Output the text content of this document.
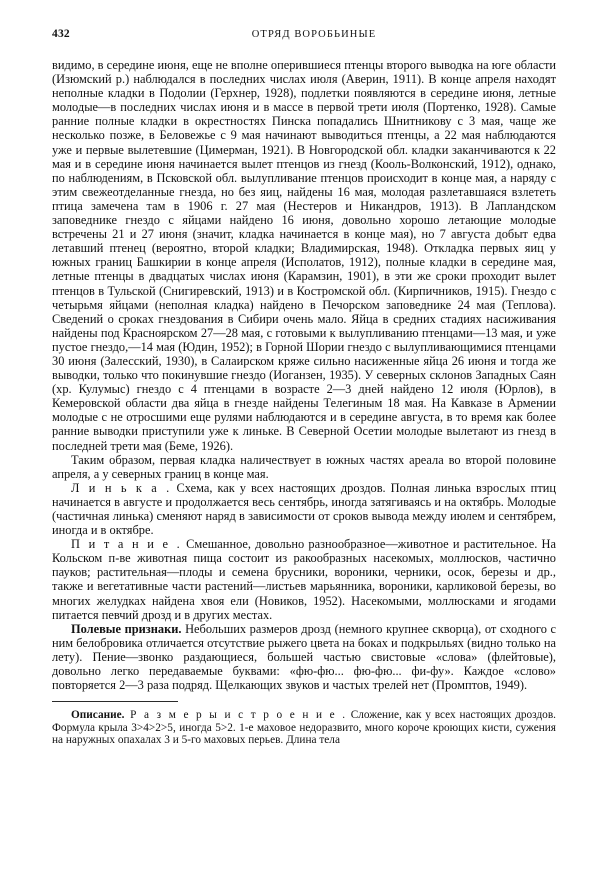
432	ОТРЯД ВОРОБЬИНЫЕ

видимо, в середине июня, еще не вполне оперившиеся птенцы второго выводка на юге области (Изюмский р.) наблюдался в последних числах июля (Аверин, 1911). В конце апреля находят неполные кладки в Подолии (Герхнер, 1928), подлетки появляются в середине июня, летные молодые—в последних числах июня и в массе в первой трети июля (Портенко, 1928). Самые ранние полные кладки в окрестностях Пинска попадались Шнитникову с 3 мая, чаще же несколько позже, в Беловежье с 9 мая начинают выводиться птенцы, а 22 мая наблюдаются уже и первые вылетевшие (Цимерман, 1921). В Новгородской обл. кладки заканчиваются к 22 мая и в середине июня начинается вылет птенцов из гнезд (Кооль-Волконский, 1912), однако, по наблюдениям, в Псковской обл. вылупливание птенцов происходит в конце мая, а наряду с этим свежеотделанные гнезда, но без яиц, найдены 16 мая, молодая разлетавшаяся взлететь птица замечена там в 1906 г. 27 мая (Нестеров и Никандров, 1913). В Лапландском заповеднике гнездо с яйцами найдено 16 июня, довольно хорошо летающие молодые встречены 21 и 27 июня (значит, кладка начинается в конце мая), но 7 августа добыт едва летавший птенец (вероятно, второй кладки; Владимирская, 1948). Откладка первых яиц у южных границ Башкирии в конце апреля (Исполатов, 1912), полные кладки в середине мая, летные птенцы в двадцатых числах июня (Карамзин, 1901), в эти же сроки проходит вылет птенцов в Тульской (Снигиревский, 1913) и в Костромской обл. (Кирпичников, 1915). Гнездо с четырьмя яйцами (неполная кладка) найдено в Печорском заповеднике 24 мая (Теплова). Сведений о сроках гнездования в Сибири очень мало. Яйца в средних стадиях насиживания найдены под Красноярском 27—28 мая, с готовыми к вылупливанию птенцами—13 мая, и уже пустое гнездо,—14 мая (Юдин, 1952); в Горной Шории гнездо с вылупливающимися птенцами 30 июня (Залесский, 1930), в Салаирском кряже сильно насиженные яйца 26 июня и тогда же выводки, только что покинувшие гнездо (Иоганзен, 1935). У северных склонов Западных Саян (хр. Кулумыс) гнездо с 4 птенцами в возрасте 2—3 дней найдено 12 июля (Юрлов), в Кемеровской области два яйца в гнезде найдены Телегиным 18 мая. На Кавказе в Армении молодые с не отросшими еще рулями наблюдаются и в середине августа, в то время как более ранние выводки приступили уже к линьке. В Северной Осетии молодые вылетают из гнезд в последней трети мая (Беме, 1926).

Таким образом, первая кладка наличествует в южных частях ареала во второй половине апреля, а у северных границ в конце мая.

Л и н ь к а . Схема, как у всех настоящих дроздов. Полная линька взрослых птиц начинается в августе и продолжается весь сентябрь, иногда затягиваясь и на октябрь. Молодые (частичная линька) сменяют наряд в зависимости от сроков вывода между июлем и сентябрем, иногда и в октябре.

П и т а н и е . Смешанное, довольно разнообразное—животное и растительное. На Кольском п-ве животная пища состоит из ракообразных насекомых, моллюсков, частично пауков; растительная—плоды и семена брусники, вороники, черники, осок, березы и др., также и вегетативные части растений—листьев марьянника, вороники, карликовой березы, во многих желудках найдена хвоя ели (Новиков, 1952). Насекомыми, моллюсками и ягодами питается певчий дрозд и в других местах.

Полевые признаки. Небольших размеров дрозд (немного крупнее скворца), от сходного с ним белобровика отличается отсутствие рыжего цвета на боках и подкрыльях (видно только на лету). Пение—звонко раздающиеся, большей частью свистовые «слова» (флейтовые), довольно легко передаваемые буквами: «фю-фю... фю-фю... фи-фу». Каждое «слово» повторяется 2—3 раза подряд. Щелкающих звуков и частых трелей нет (Промптов, 1949).

Описание. Р а з м е р ы и с т р о е н и е . Сложение, как у всех настоящих дроздов. Формула крыла 3>4>2>5, иногда 5>2. 1-е маховое недоразвито, много короче кроющих кисти, сужения на наружных опахалах 3 и 5-го маховых перьев. Длина тела
